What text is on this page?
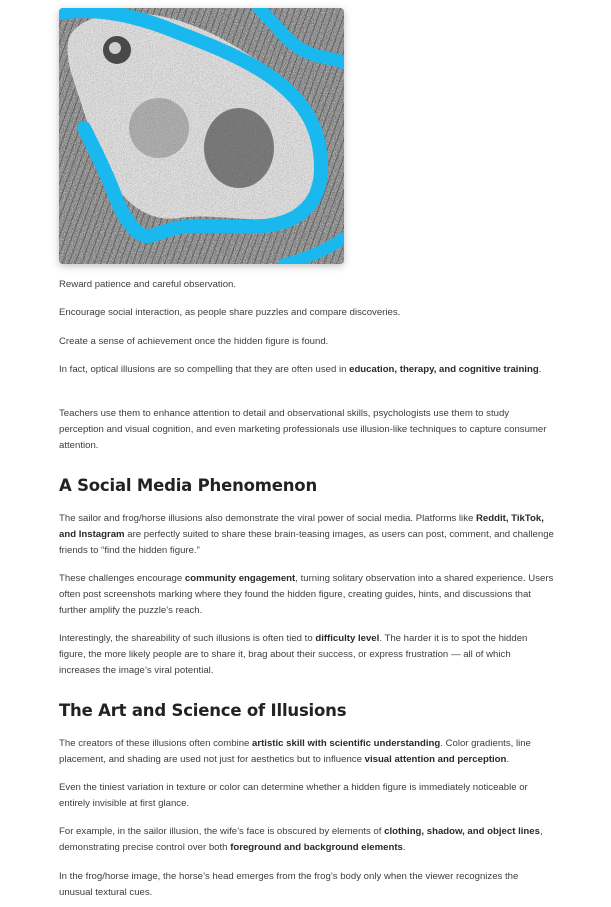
Reward patience and careful observation.

Encourage social interaction, as people share puzzles and compare discoveries.

Create a sense of achievement once the hidden figure is found.

In fact, optical illusions are so compelling that they are often used in education, therapy, and cognitive training.

Teachers use them to enhance attention to detail and observational skills, psychologists use them to study perception and visual cognition, and even marketing professionals use illusion-like techniques to capture consumer attention.

A Social Media Phenomenon

The sailor and frog/horse illusions also demonstrate the viral power of social media. Platforms like Reddit, TikTok, and Instagram are perfectly suited to share these brain-teasing images, as users can post, comment, and challenge friends to “find the hidden figure.”

These challenges encourage community engagement, turning solitary observation into a shared experience. Users often post screenshots marking where they found the hidden figure, creating guides, hints, and discussions that further amplify the puzzle’s reach.

Interestingly, the shareability of such illusions is often tied to difficulty level. The harder it is to spot the hidden figure, the more likely people are to share it, brag about their success, or express frustration — all of which increases the image’s viral potential.

The Art and Science of Illusions

The creators of these illusions often combine artistic skill with scientific understanding. Color gradients, line placement, and shading are used not just for aesthetics but to influence visual attention and perception.

Even the tiniest variation in texture or color can determine whether a hidden figure is immediately noticeable or entirely invisible at first glance.

For example, in the sailor illusion, the wife’s face is obscured by elements of clothing, shadow, and object lines, demonstrating precise control over both foreground and background elements.

In the frog/horse image, the horse’s head emerges from the frog’s body only when the viewer recognizes the unusual textural cues.
